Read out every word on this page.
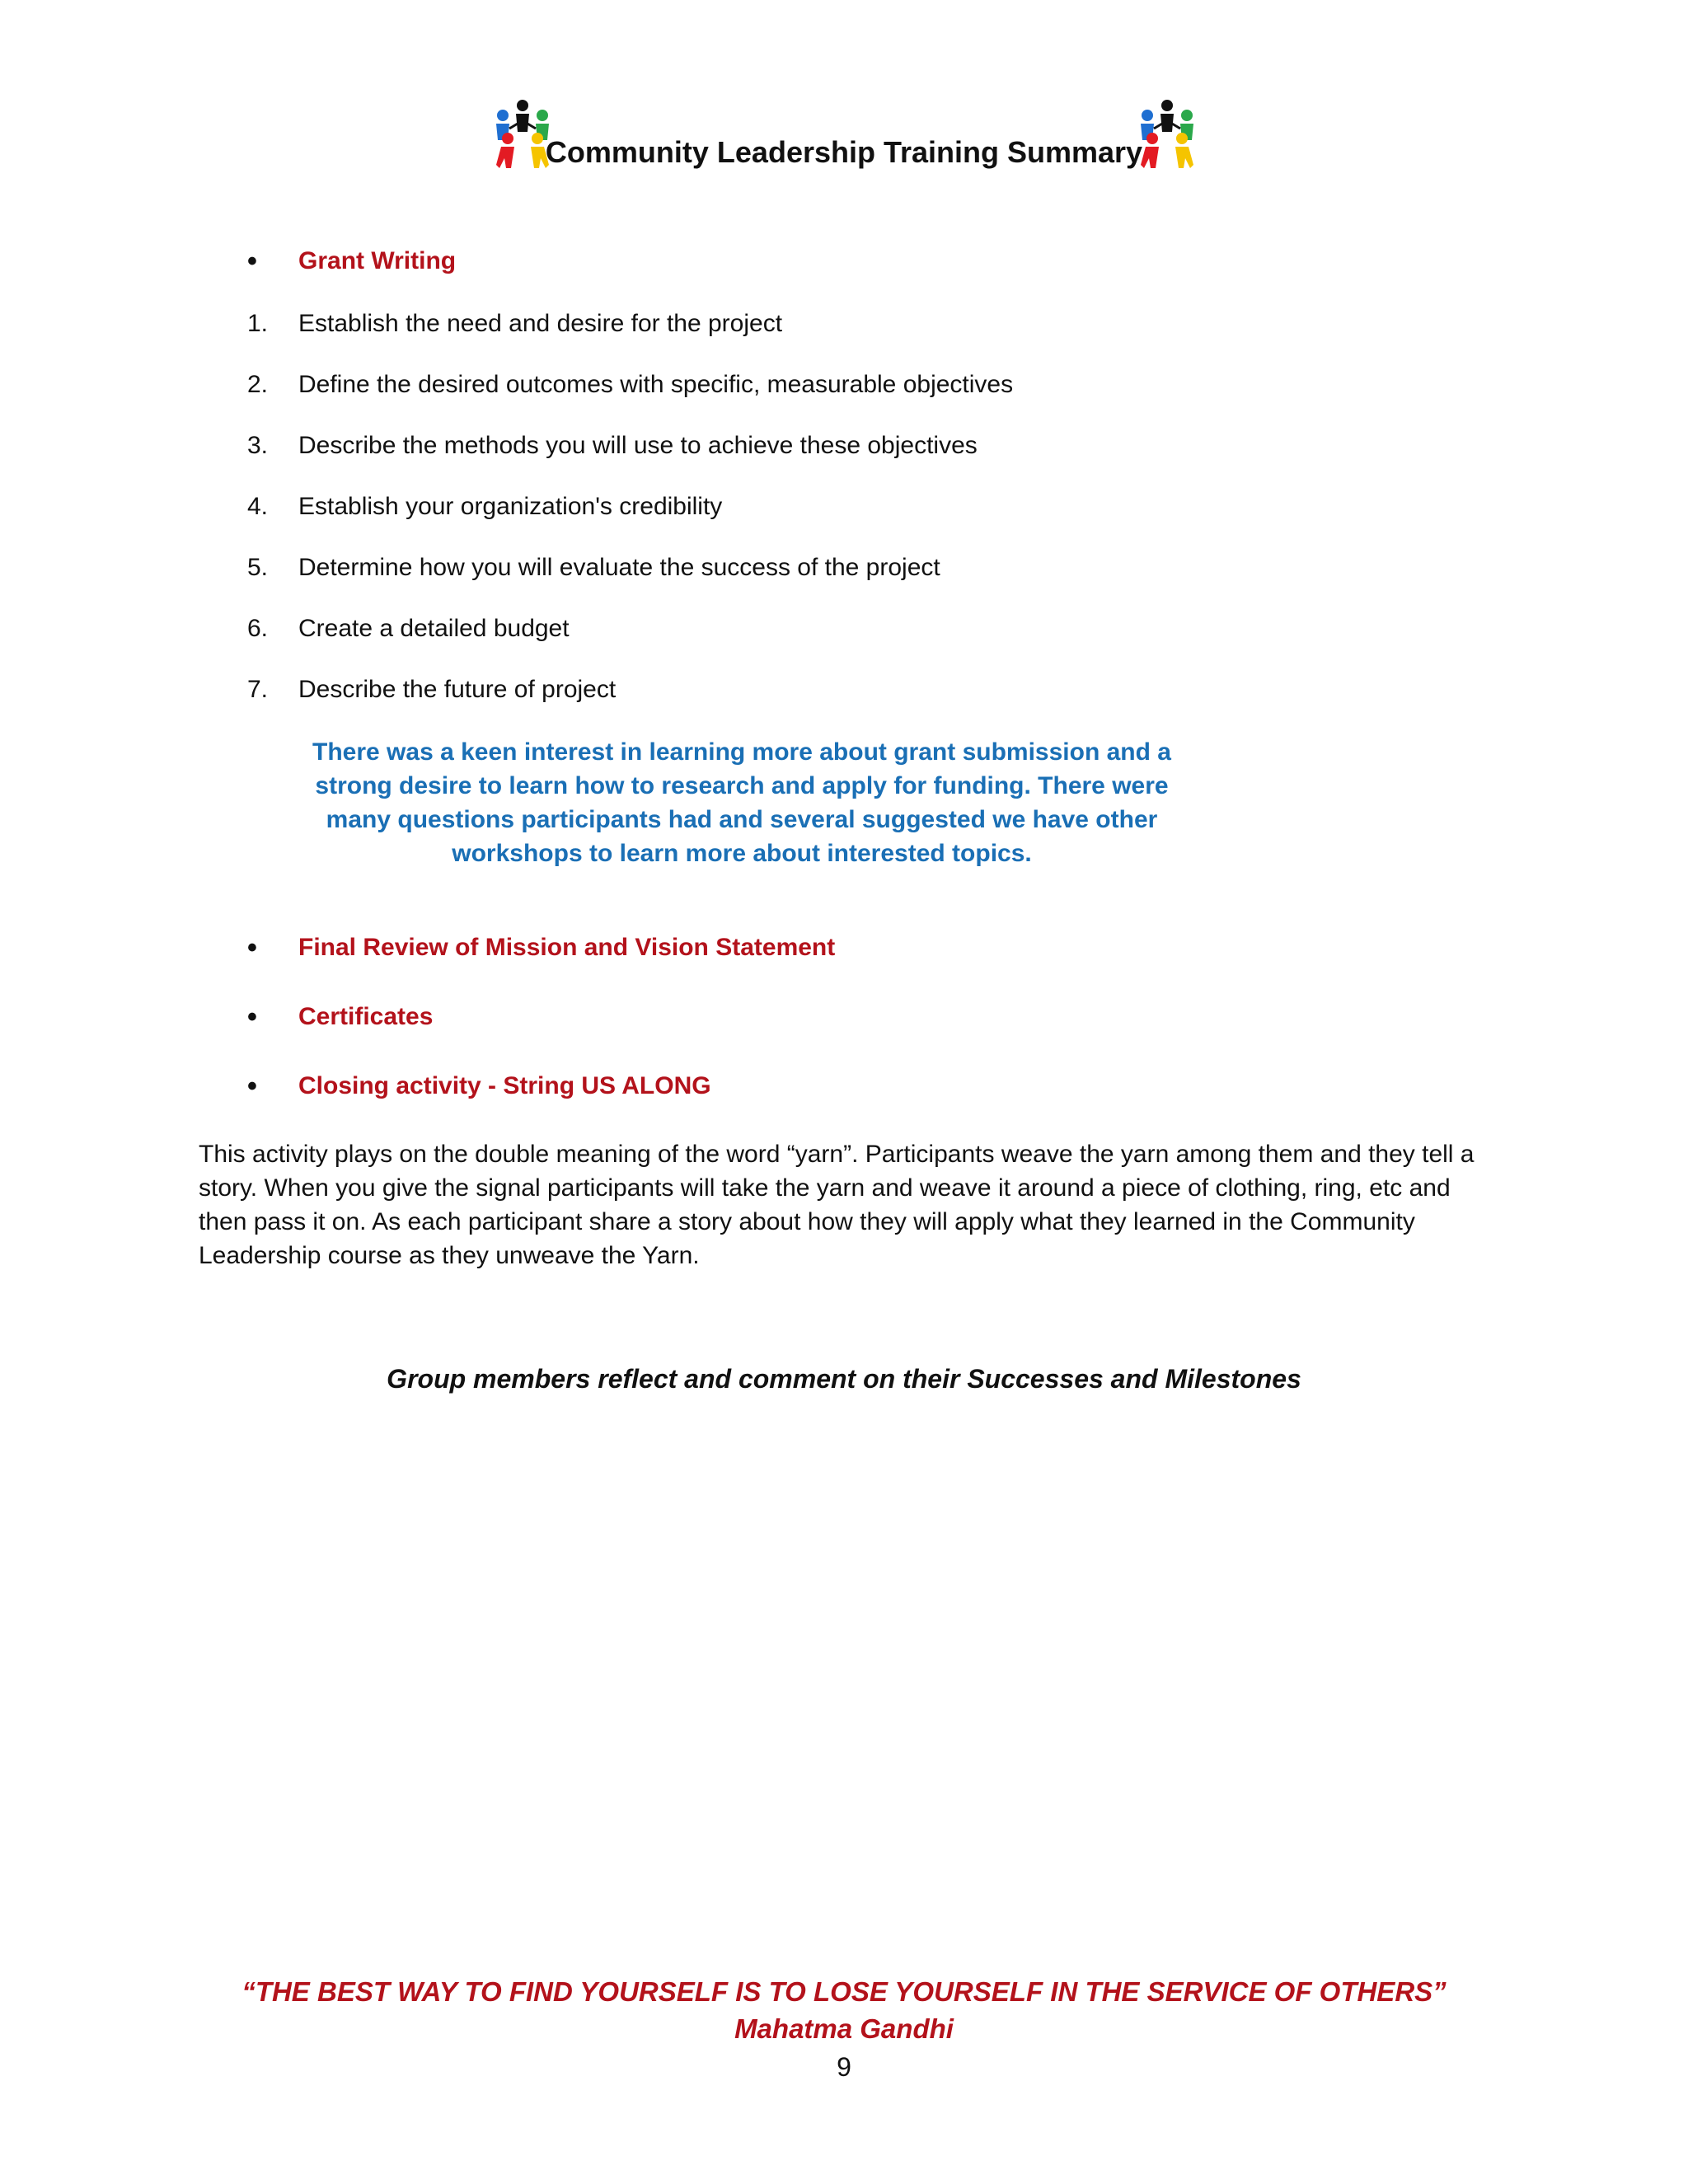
Community Leadership Training Summary
•	Grant Writing
1.	Establish the need and desire for the project
2.	Define the desired outcomes with specific, measurable objectives
3.	Describe the methods you will use to achieve these objectives
4.	Establish your organization's credibility
5.	Determine how you will evaluate the success of the project
6.	Create a detailed budget
7.	Describe the future of project
There was a keen interest in learning more about grant submission and a strong desire to learn how to research and apply for funding. There were many questions participants had and several suggested we have other workshops to learn more about interested topics.
•	Final Review of Mission and Vision Statement
•	Certificates
•	Closing activity - String US ALONG

This activity plays on the double meaning of the word “yarn”. Participants weave the yarn among them and they tell a story. When you give the signal participants will take the yarn and weave it around a piece of clothing, ring, etc and then pass it on. As each participant share a story about how they will apply what they learned in the Community Leadership course as they unweave the Yarn.

Group members reflect and comment on their Successes and Milestones
“THE BEST WAY TO FIND YOURSELF IS TO LOSE YOURSELF IN THE SERVICE OF OTHERS”
Mahatma Gandhi
9
